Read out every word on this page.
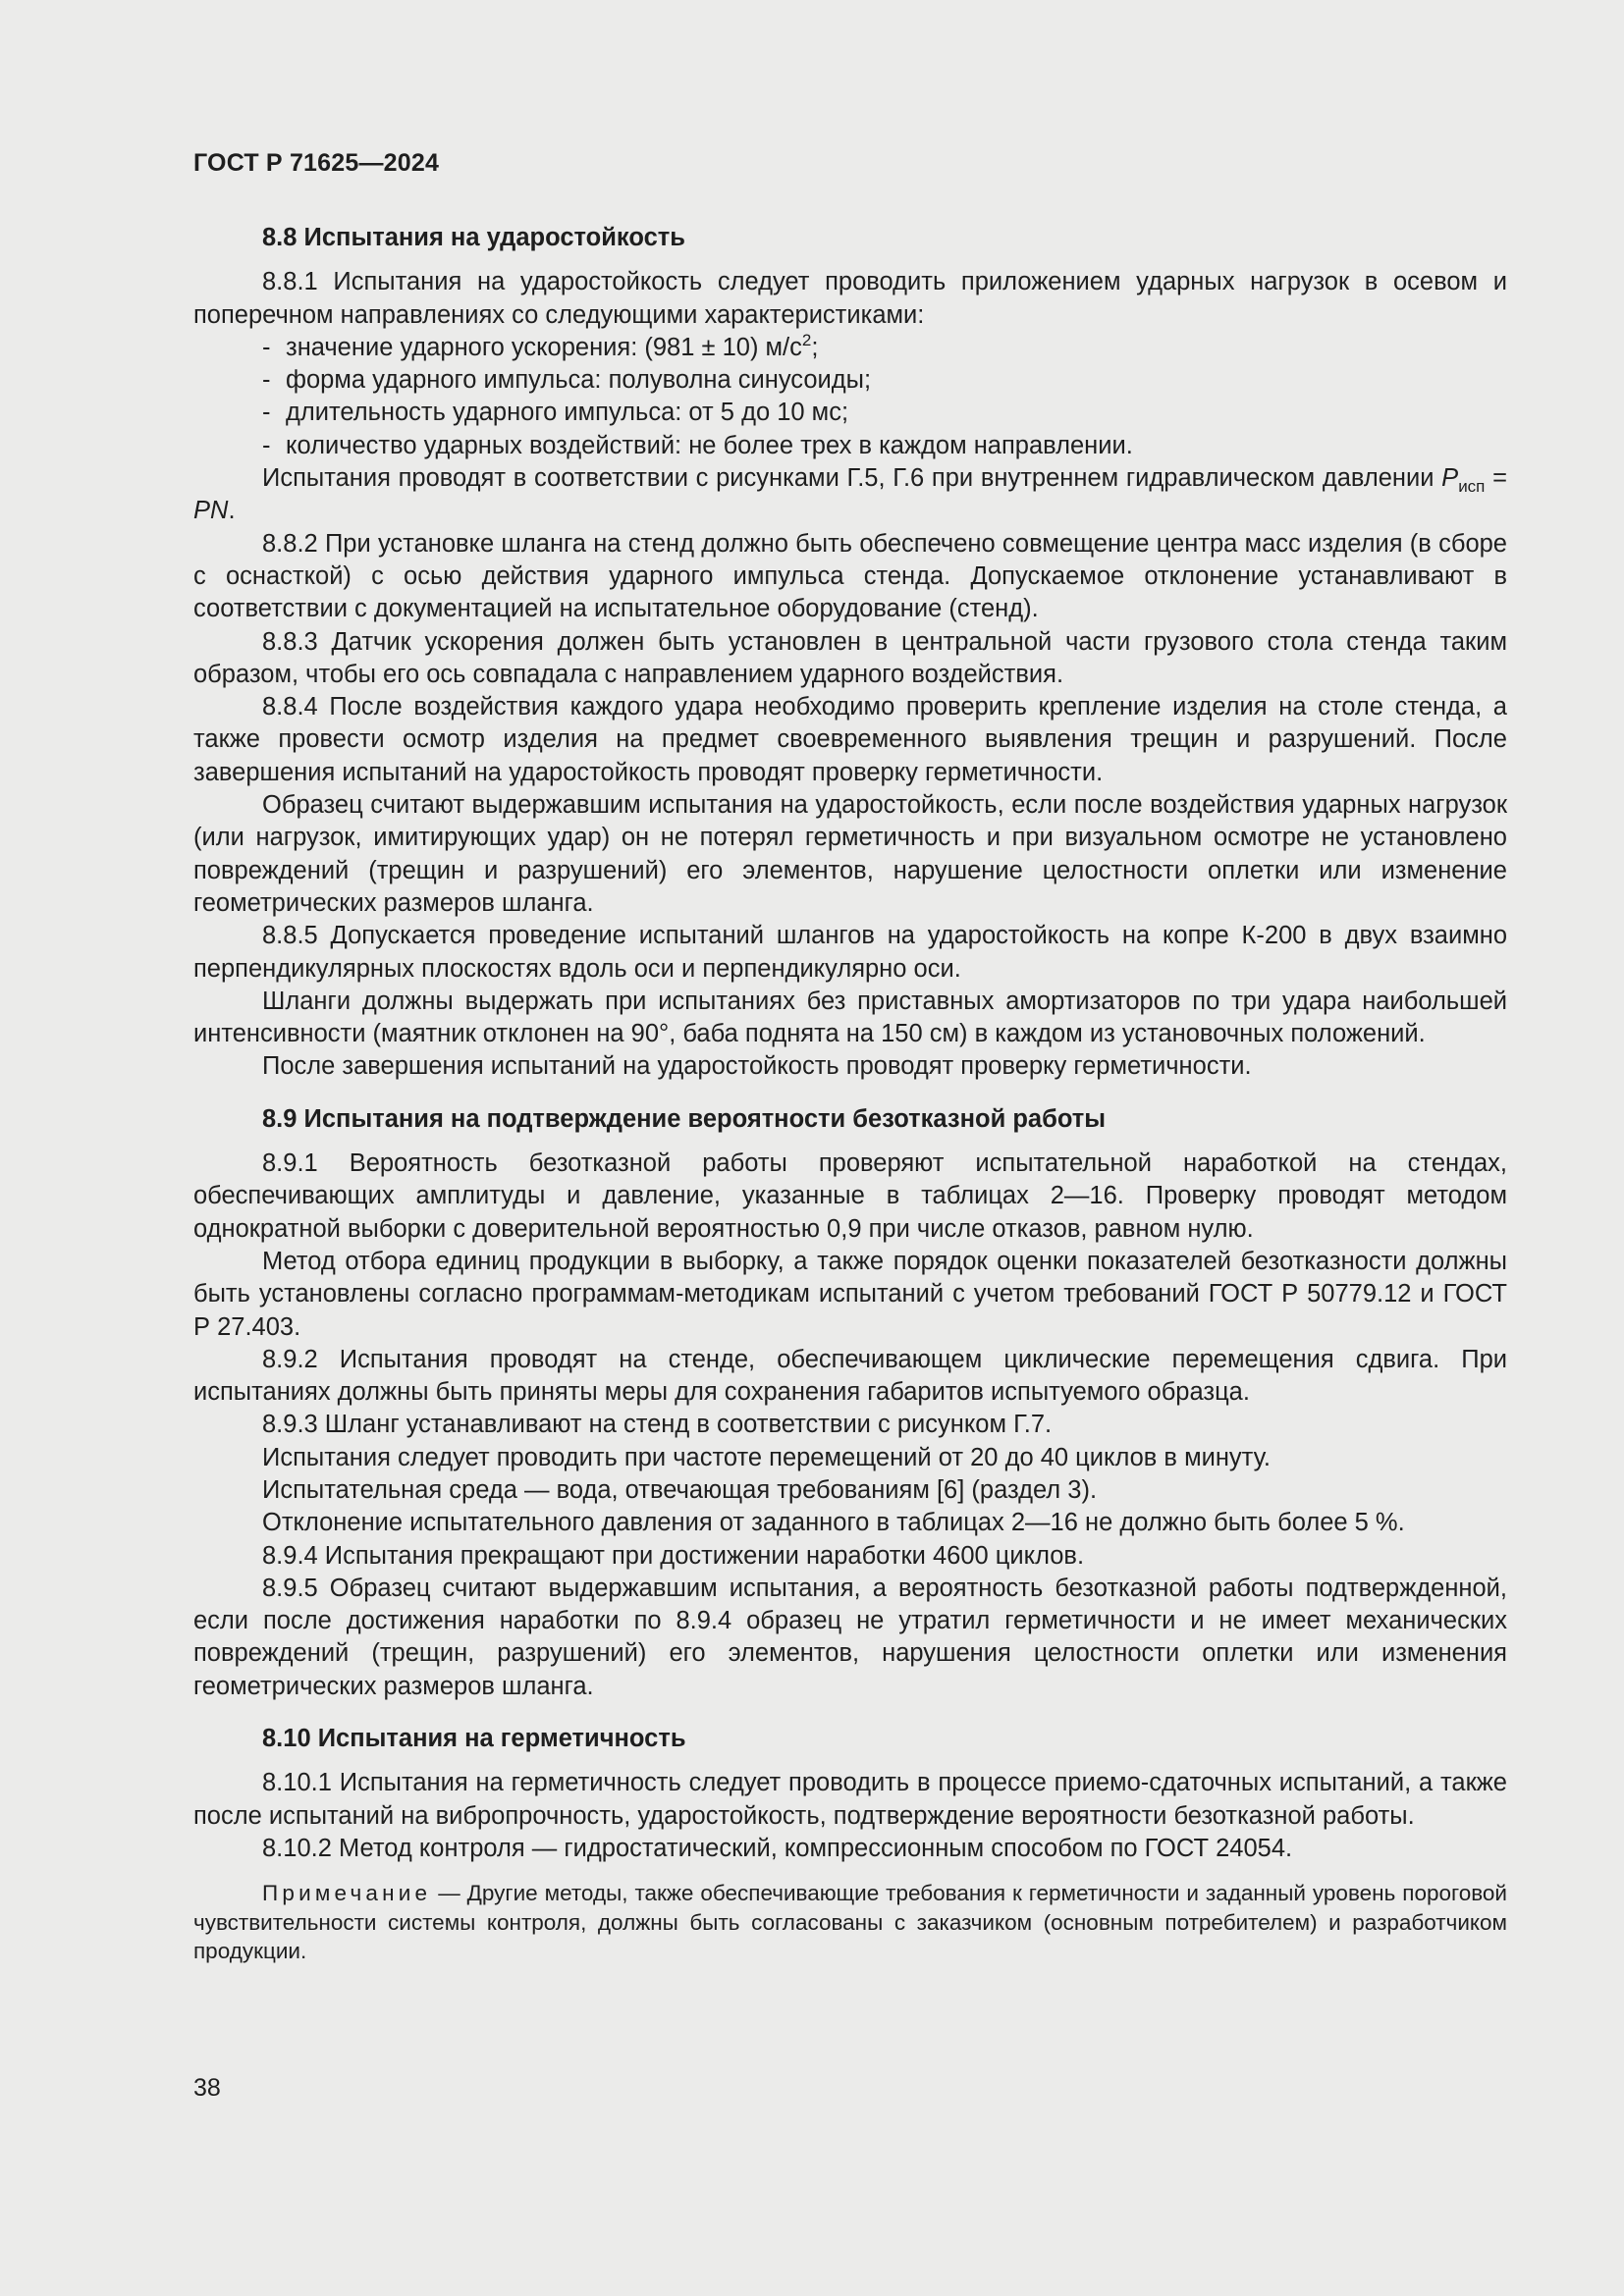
ГОСТ Р 71625—2024
8.8 Испытания на ударостойкость

8.8.1 Испытания на ударостойкость следует проводить приложением ударных нагрузок в осевом и поперечном направлениях со следующими характеристиками:

- значение ударного ускорения: (981 ± 10) $м/с^2$;

- форма ударного импульса: полуволна синусоиды;

- длительность ударного импульса: от 5 до 10 мс;

- количество ударных воздействий: не более трех в каждом направлении.

Испытания проводят в соответствии с рисунками Г.5, Г.6 при внутреннем гидравлическом давлении $P_{исп}$ = PN.

8.8.2 При установке шланга на стенд должно быть обеспечено совмещение центра масс изделия (в сборе с оснасткой) с осью действия ударного импульса стенда. Допускаемое отклонение устанавливают в соответствии с документацией на испытательное оборудование (стенд).

8.8.3 Датчик ускорения должен быть установлен в центральной части грузового стола стенда таким образом, чтобы его ось совпадала с направлением ударного воздействия.

8.8.4 После воздействия каждого удара необходимо проверить крепление изделия на столе стенда, а также провести осмотр изделия на предмет своевременного выявления трещин и разрушений. После завершения испытаний на ударостойкость проводят проверку герметичности.

Образец считают выдержавшим испытания на ударостойкость, если после воздействия ударных нагрузок (или нагрузок, имитирующих удар) он не потерял герметичность и при визуальном осмотре не установлено повреждений (трещин и разрушений) его элементов, нарушение целостности оплетки или изменение геометрических размеров шланга.

8.8.5 Допускается проведение испытаний шлангов на ударостойкость на копре К-200 в двух взаимно перпендикулярных плоскостях вдоль оси и перпендикулярно оси.

Шланги должны выдержать при испытаниях без приставных амортизаторов по три удара наибольшей интенсивности (маятник отклонен на 90°, баба поднята на 150 см) в каждом из установочных положений.

После завершения испытаний на ударостойкость проводят проверку герметичности.

8.9 Испытания на подтверждение вероятности безотказной работы

8.9.1 Вероятность безотказной работы проверяют испытательной наработкой на стендах, обеспечивающих амплитуды и давление, указанные в таблицах 2—16. Проверку проводят методом однократной выборки с доверительной вероятностью 0,9 при числе отказов, равном нулю.

Метод отбора единиц продукции в выборку, а также порядок оценки показателей безотказности должны быть установлены согласно программам-методикам испытаний с учетом требований ГОСТ Р 50779.12 и ГОСТ Р 27.403.

8.9.2 Испытания проводят на стенде, обеспечивающем циклические перемещения сдвига. При испытаниях должны быть приняты меры для сохранения габаритов испытуемого образца.

8.9.3 Шланг устанавливают на стенд в соответствии с рисунком Г.7.

Испытания следует проводить при частоте перемещений от 20 до 40 циклов в минуту.

Испытательная среда — вода, отвечающая требованиям [6] (раздел 3).

Отклонение испытательного давления от заданного в таблицах 2—16 не должно быть более 5 %.

8.9.4 Испытания прекращают при достижении наработки 4600 циклов.

8.9.5 Образец считают выдержавшим испытания, а вероятность безотказной работы подтвержденной, если после достижения наработки по 8.9.4 образец не утратил герметичности и не имеет механических повреждений (трещин, разрушений) его элементов, нарушения целостности оплетки или изменения геометрических размеров шланга.

8.10 Испытания на герметичность

8.10.1 Испытания на герметичность следует проводить в процессе приемо-сдаточных испытаний, а также после испытаний на вибропрочность, ударостойкость, подтверждение вероятности безотказной работы.

8.10.2 Метод контроля — гидростатический, компрессионным способом по ГОСТ 24054.

Примечание — Другие методы, также обеспечивающие требования к герметичности и заданный уровень пороговой чувствительности системы контроля, должны быть согласованы с заказчиком (основным потребителем) и разработчиком продукции.

38
